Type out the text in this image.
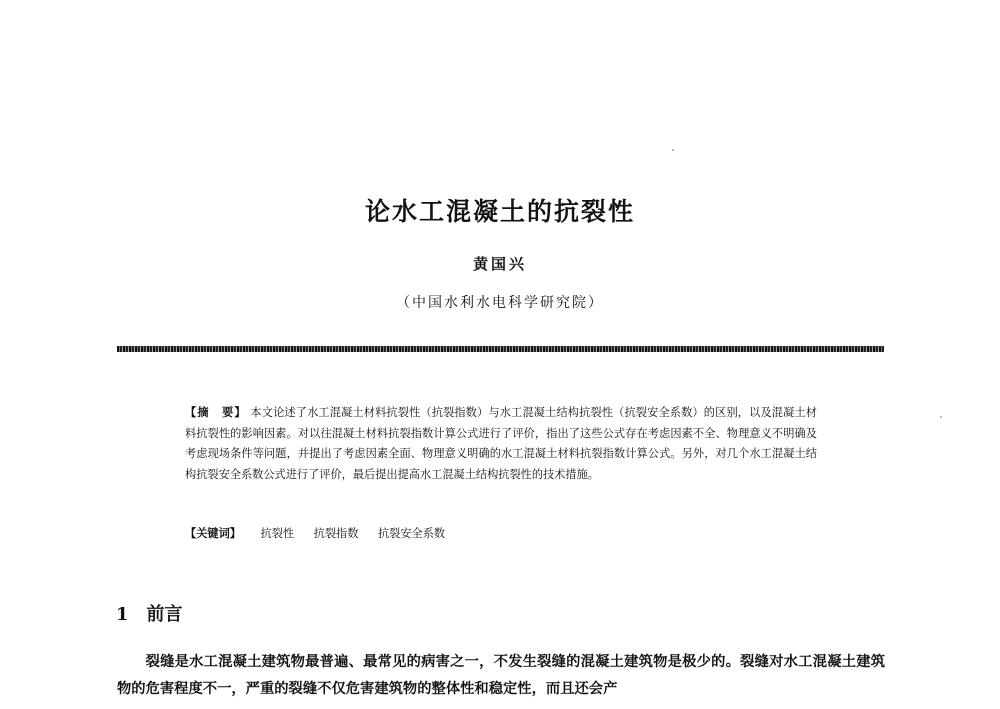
论水工混凝土的抗裂性
黄国兴
（中国水利水电科学研究院）
【摘　要】 本文论述了水工混凝土材料抗裂性（抗裂指数）与水工混凝土结构抗裂性（抗裂安全系数）的区别，以及混凝土材料抗裂性的影响因素。对以往混凝土材料抗裂指数计算公式进行了评价，指出了这些公式存在考虑因素不全、物理意义不明确及考虑现场条件等问题，并提出了考虑因素全面、物理意义明确的水工混凝土材料抗裂指数计算公式。另外，对几个水工混凝土结构抗裂安全系数公式进行了评价，最后提出提高水工混凝土结构抗裂性的技术措施。
【关键词】 抗裂性 抗裂指数 抗裂安全系数
1 前言
裂缝是水工混凝土建筑物最普遍、最常见的病害之一，不发生裂缝的混凝土建筑物是极少的。裂缝对水工混凝土建筑物的危害程度不一，严重的裂缝不仅危害建筑物的整体性和稳定性，而且还会产
